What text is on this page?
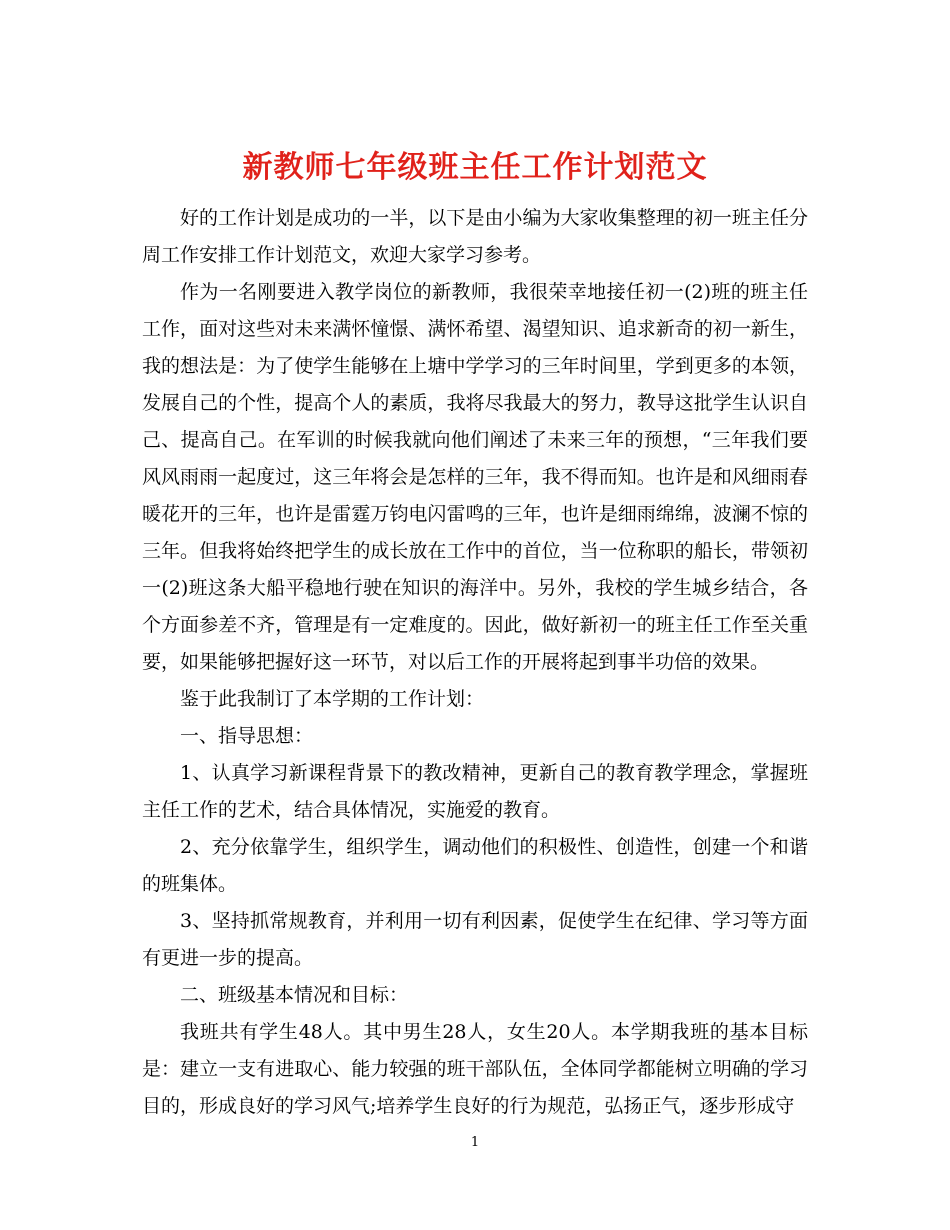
新教师七年级班主任工作计划范文

好的工作计划是成功的一半，以下是由小编为大家收集整理的初一班主任分周工作安排工作计划范文，欢迎大家学习参考。

作为一名刚要进入教学岗位的新教师，我很荣幸地接任初一(2)班的班主任工作，面对这些对未来满怀憧憬、满怀希望、渴望知识、追求新奇的初一新生，我的想法是：为了使学生能够在上塘中学学习的三年时间里，学到更多的本领，发展自己的个性，提高个人的素质，我将尽我最大的努力，教导这批学生认识自己、提高自己。在军训的时候我就向他们阐述了未来三年的预想，“三年我们要风风雨雨一起度过，这三年将会是怎样的三年，我不得而知。也许是和风细雨春暖花开的三年，也许是雷霆万钧电闪雷鸣的三年，也许是细雨绵绵，波澜不惊的三年。但我将始终把学生的成长放在工作中的首位，当一位称职的船长，带领初一(2)班这条大船平稳地行驶在知识的海洋中。另外，我校的学生城乡结合，各个方面参差不齐，管理是有一定难度的。因此，做好新初一的班主任工作至关重要，如果能够把握好这一环节，对以后工作的开展将起到事半功倍的效果。

鉴于此我制订了本学期的工作计划：

一、指导思想：

1、认真学习新课程背景下的教改精神，更新自己的教育教学理念，掌握班主任工作的艺术，结合具体情况，实施爱的教育。

2、充分依靠学生，组织学生，调动他们的积极性、创造性，创建一个和谐的班集体。

3、坚持抓常规教育，并利用一切有利因素，促使学生在纪律、学习等方面有更进一步的提高。

二、班级基本情况和目标：

我班共有学生48人。其中男生28人，女生20人。本学期我班的基本目标是：建立一支有进取心、能力较强的班干部队伍，全体同学都能树立明确的学习目的，形成良好的学习风气;培养学生良好的行为规范，弘扬正气，逐步形成守

1
